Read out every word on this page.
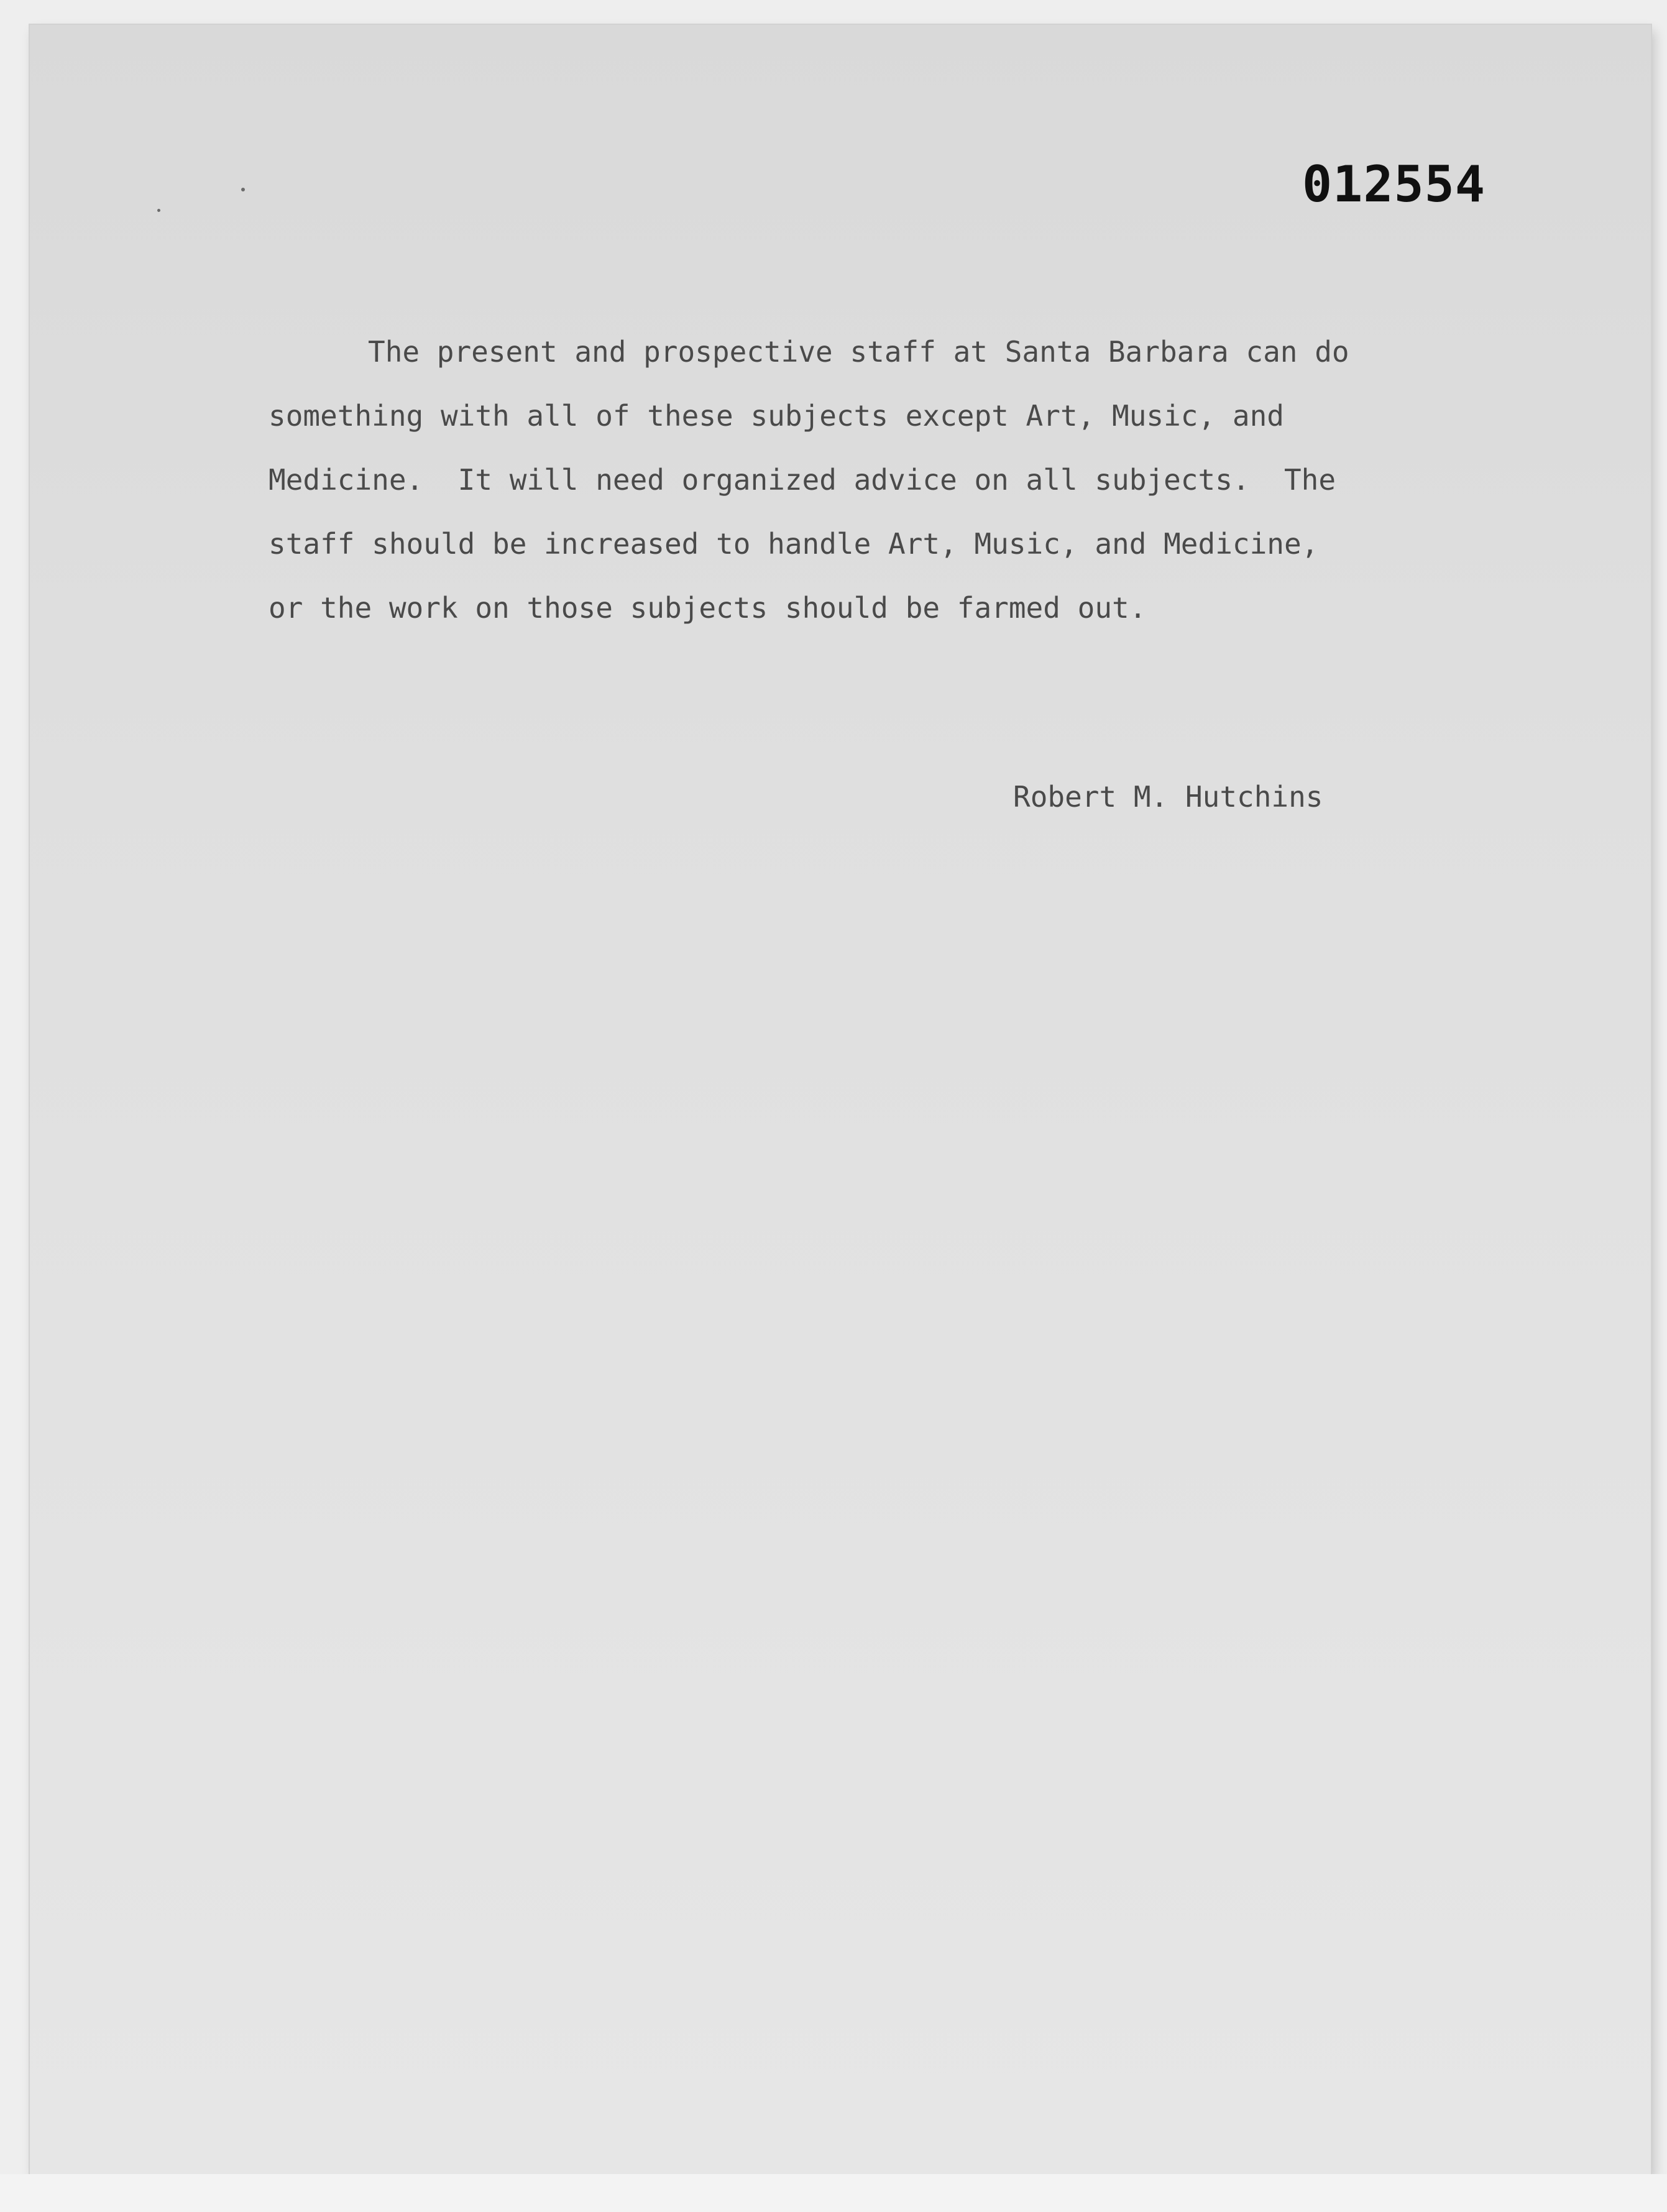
012554
The present and prospective staff at Santa Barbara can do
something with all of these subjects except Art, Music, and
Medicine.  It will need organized advice on all subjects.  The
staff should be increased to handle Art, Music, and Medicine,
or the work on those subjects should be farmed out.
Robert M. Hutchins
